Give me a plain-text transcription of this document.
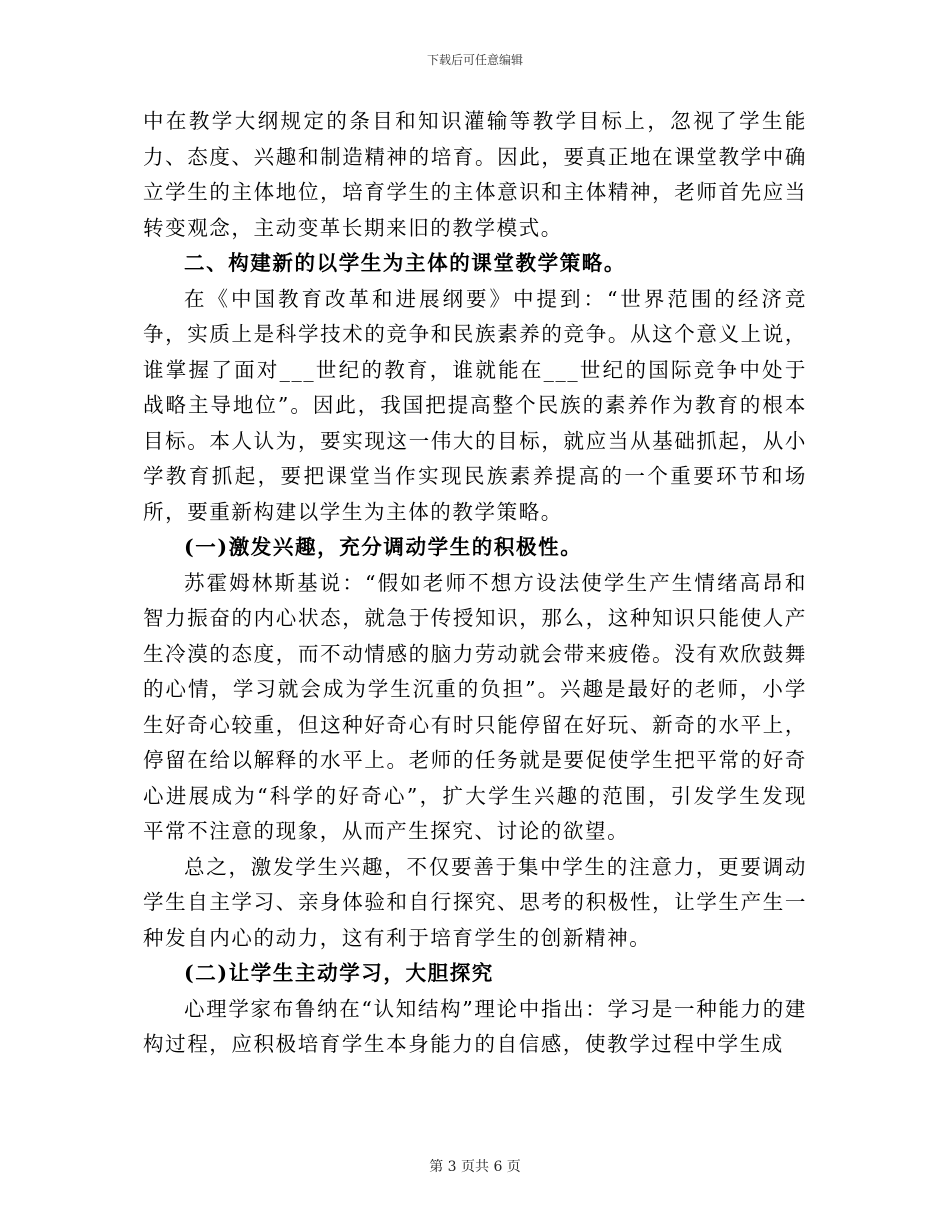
下载后可任意编辑

中在教学大纲规定的条目和知识灌输等教学目标上，忽视了学生能力、态度、兴趣和制造精神的培育。因此，要真正地在课堂教学中确立学生的主体地位，培育学生的主体意识和主体精神，老师首先应当转变观念，主动变革长期来旧的教学模式。

二、构建新的以学生为主体的课堂教学策略。

在《中国教育改革和进展纲要》中提到：“世界范围的经济竞争，实质上是科学技术的竞争和民族素养的竞争。从这个意义上说，谁掌握了面对___世纪的教育，谁就能在___世纪的国际竞争中处于战略主导地位”。因此，我国把提高整个民族的素养作为教育的根本目标。本人认为，要实现这一伟大的目标，就应当从基础抓起，从小学教育抓起，要把课堂当作实现民族素养提高的一个重要环节和场所，要重新构建以学生为主体的教学策略。

(一)激发兴趣，充分调动学生的积极性。

苏霍姆林斯基说：“假如老师不想方设法使学生产生情绪高昂和智力振奋的内心状态，就急于传授知识，那么，这种知识只能使人产生冷漠的态度，而不动情感的脑力劳动就会带来疲倦。没有欢欣鼓舞的心情，学习就会成为学生沉重的负担”。兴趣是最好的老师，小学生好奇心较重，但这种好奇心有时只能停留在好玩、新奇的水平上，停留在给以解释的水平上。老师的任务就是要促使学生把平常的好奇心进展成为“科学的好奇心”，扩大学生兴趣的范围，引发学生发现平常不注意的现象，从而产生探究、讨论的欲望。

总之，激发学生兴趣，不仅要善于集中学生的注意力，更要调动学生自主学习、亲身体验和自行探究、思考的积极性，让学生产生一种发自内心的动力，这有利于培育学生的创新精神。

(二)让学生主动学习，大胆探究

心理学家布鲁纳在“认知结构”理论中指出：学习是一种能力的建构过程，应积极培育学生本身能力的自信感，使教学过程中学生成

第 3 页共 6 页
